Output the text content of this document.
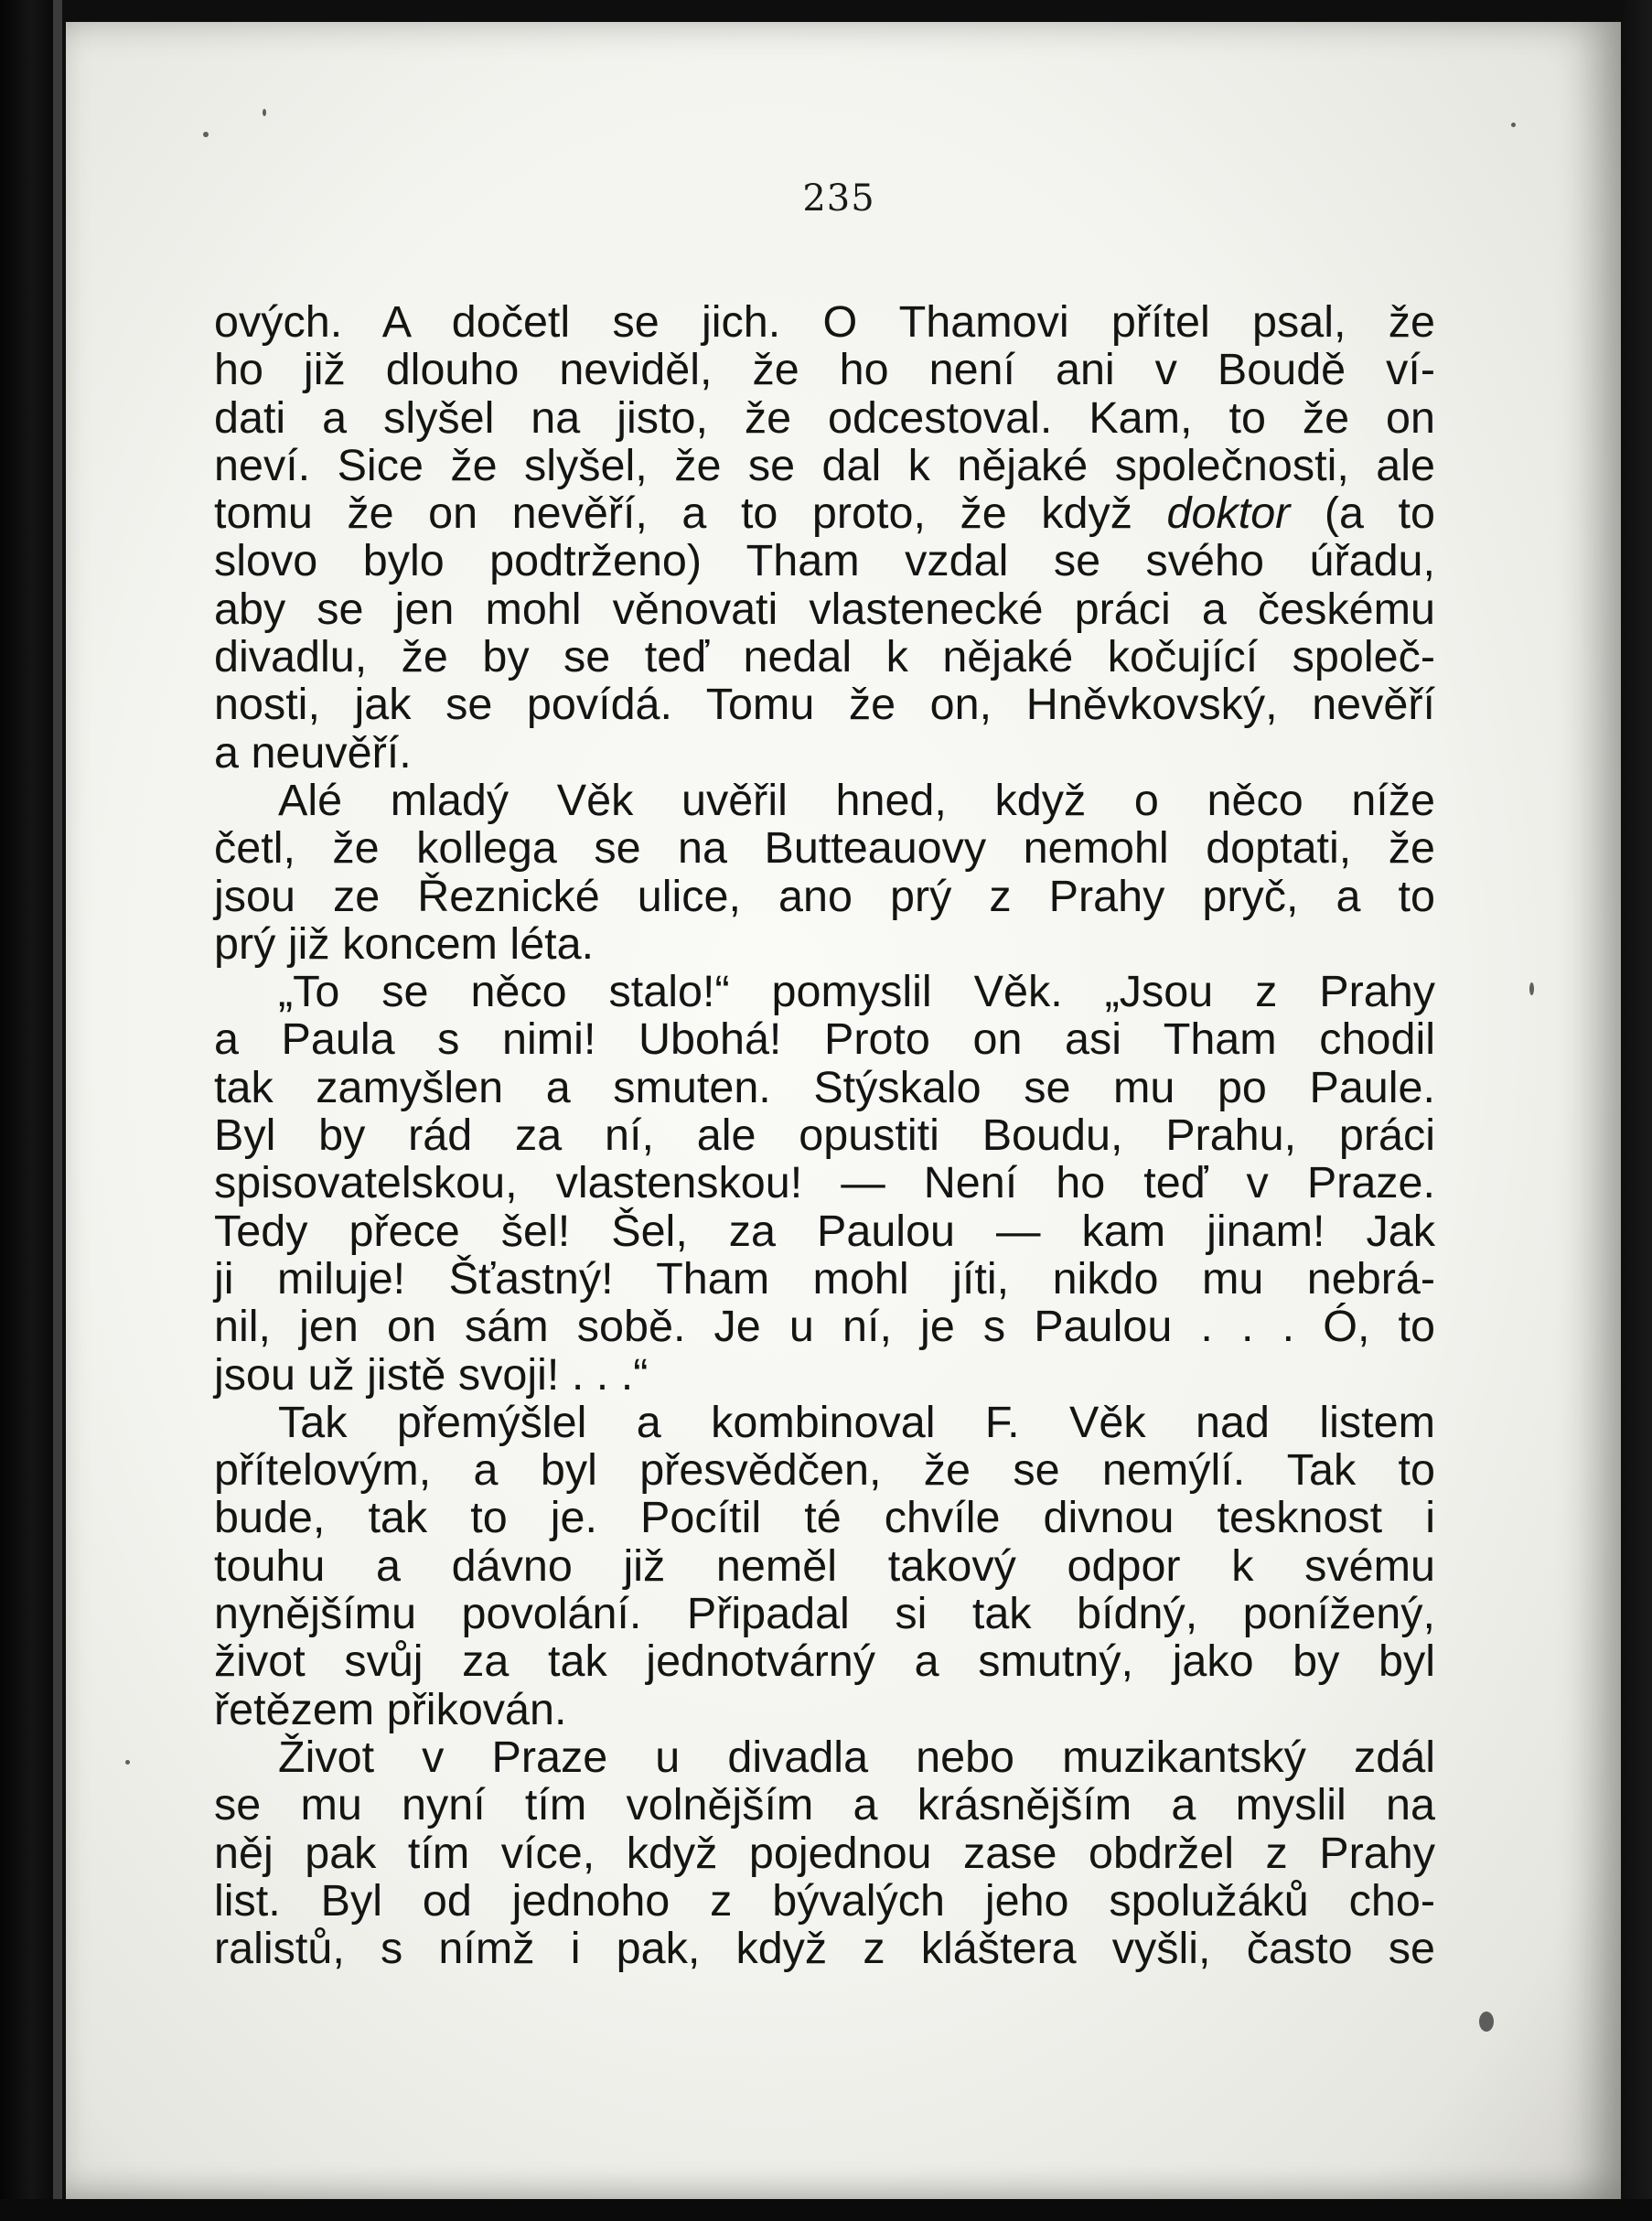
235
ových. A dočetl se jich. O Thamovi přítel psal, že
ho již dlouho neviděl, že ho není ani v Boudě ví-
dati a slyšel na jisto, že odcestoval. Kam, to že on
neví. Sice že slyšel, že se dal k nějaké společnosti, ale
tomu že on nevěří, a to proto, že když doktor (a to
slovo bylo podtrženo) Tham vzdal se svého úřadu,
aby se jen mohl věnovati vlastenecké práci a českému
divadlu, že by se teď nedal k nějaké kočující společ-
nosti, jak se povídá. Tomu že on, Hněvkovský, nevěří
a neuvěří.
Alé mladý Věk uvěřil hned, když o něco níže
četl, že kollega se na Butteauovy nemohl doptati, že
jsou ze Řeznické ulice, ano prý z Prahy pryč, a to
prý již koncem léta.
„To se něco stalo!“ pomyslil Věk. „Jsou z Prahy
a Paula s nimi! Ubohá! Proto on asi Tham chodil
tak zamyšlen a smuten. Stýskalo se mu po Paule.
Byl by rád za ní, ale opustiti Boudu, Prahu, práci
spisovatelskou, vlastenskou! — Není ho teď v Praze.
Tedy přece šel! Šel, za Paulou — kam jinam! Jak
ji miluje! Šťastný! Tham mohl jíti, nikdo mu nebrá-
nil, jen on sám sobě. Je u ní, je s Paulou . . . Ó, to
jsou už jistě svoji! . . .“
Tak přemýšlel a kombinoval F. Věk nad listem
přítelovým, a byl přesvědčen, že se nemýlí. Tak to
bude, tak to je. Pocítil té chvíle divnou tesknost i
touhu a dávno již neměl takový odpor k svému
nynějšímu povolání. Připadal si tak bídný, ponížený,
život svůj za tak jednotvárný a smutný, jako by byl
řetězem přikován.
Život v Praze u divadla nebo muzikantský zdál
se mu nyní tím volnějším a krásnějším a myslil na
něj pak tím více, když pojednou zase obdržel z Prahy
list. Byl od jednoho z bývalých jeho spolužáků cho-
ralistů, s nímž i pak, když z kláštera vyšli, často se
